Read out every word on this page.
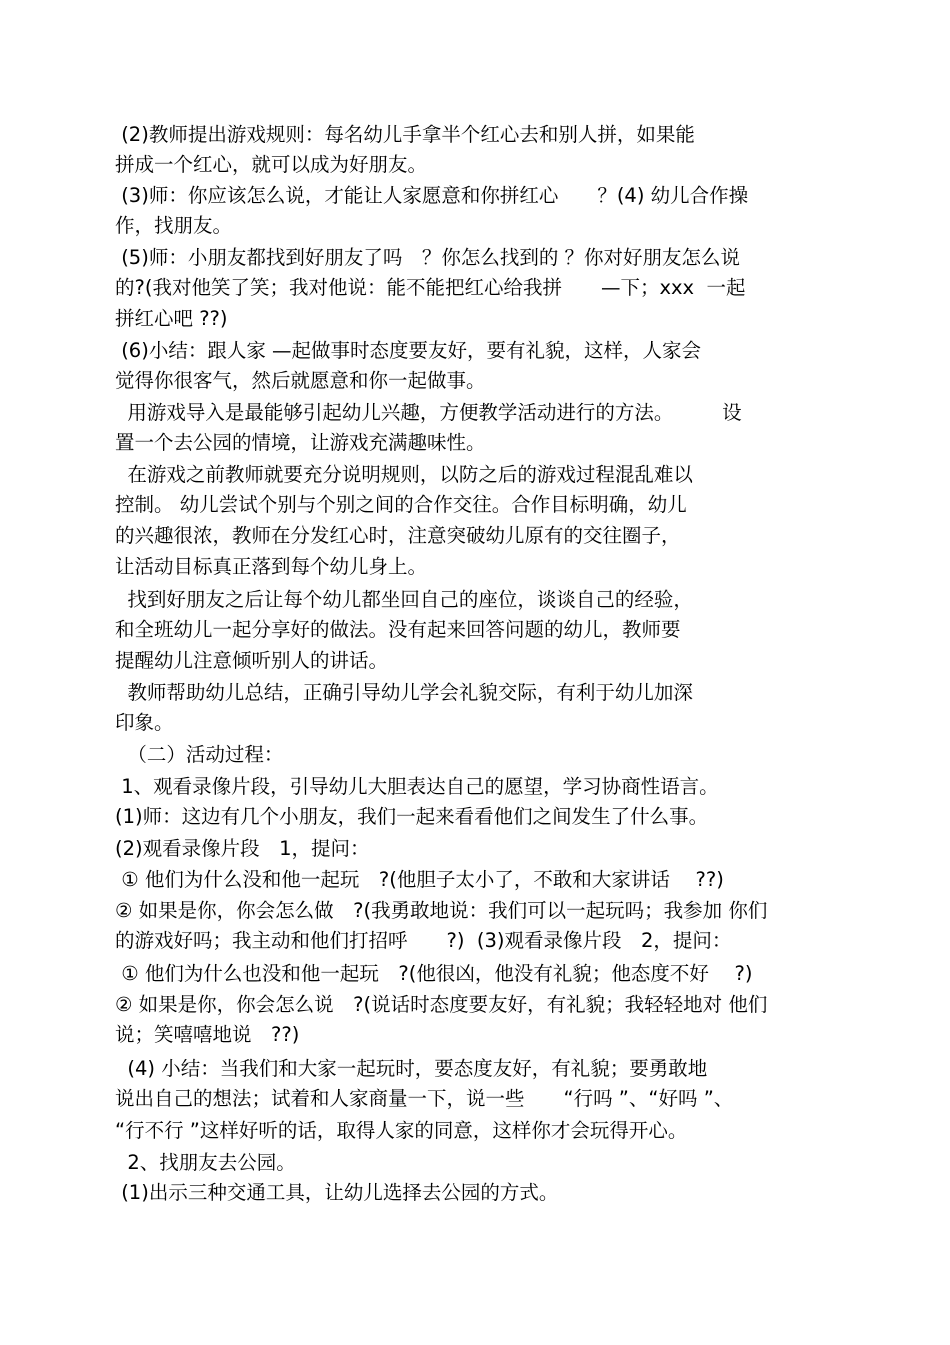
(2)教师提出游戏规则：每名幼儿手拿半个红心去和别人拼，如果能
拼成一个红心，就可以成为好朋友。
(3)师：你应该怎么说，才能让人家愿意和你拼红心　　？(4) 幼儿合作操
作，找朋友。
(5)师：小朋友都找到好朋友了吗　？你怎么找到的 ？你对好朋友怎么说
的?(我对他笑了笑；我对他说：能不能把红心给我拼　　—下；xxx  一起
拼红心吧 ??)
(6)小结：跟人家 —起做事时态度要友好，要有礼貌，这样，人家会
觉得你很客气，然后就愿意和你一起做事。
用游戏导入是最能够引起幼儿兴趣，方便教学活动进行的方法。　　　设
置一个去公园的情境，让游戏充满趣味性。
在游戏之前教师就要充分说明规则，以防之后的游戏过程混乱难以
控制。 幼儿尝试个别与个别之间的合作交往。合作目标明确，幼儿
的兴趣很浓，教师在分发红心时，注意突破幼儿原有的交往圈子，
让活动目标真正落到每个幼儿身上。
找到好朋友之后让每个幼儿都坐回自己的座位，谈谈自己的经验，
和全班幼儿一起分享好的做法。没有起来回答问题的幼儿，教师要
提醒幼儿注意倾听别人的讲话。
教师帮助幼儿总结，正确引导幼儿学会礼貌交际，有利于幼儿加深
印象。
（二）活动过程：
1、观看录像片段，引导幼儿大胆表达自己的愿望，学习协商性语言。
(1)师：这边有几个小朋友，我们一起来看看他们之间发生了什么事。
(2)观看录像片段　1，提问：
① 他们为什么没和他一起玩　?(他胆子太小了，不敢和大家讲话　 ??)
② 如果是你，你会怎么做　?(我勇敢地说：我们可以一起玩吗；我参加 你们
的游戏好吗；我主动和他们打招呼　　?)  (3)观看录像片段　2，提问：
① 他们为什么也没和他一起玩　?(他很凶，他没有礼貌；他态度不好　 ?)
② 如果是你，你会怎么说　?(说话时态度要友好，有礼貌；我轻轻地对 他们
说；笑嘻嘻地说　??)
(4) 小结：当我们和大家一起玩时，要态度友好，有礼貌；要勇敢地
说出自己的想法；试着和人家商量一下，说一些　　“行吗 ”、“好吗 ”、
“行不行 ”这样好听的话，取得人家的同意，这样你才会玩得开心。
2、找朋友去公园。
(1)出示三种交通工具，让幼儿选择去公园的方式。
